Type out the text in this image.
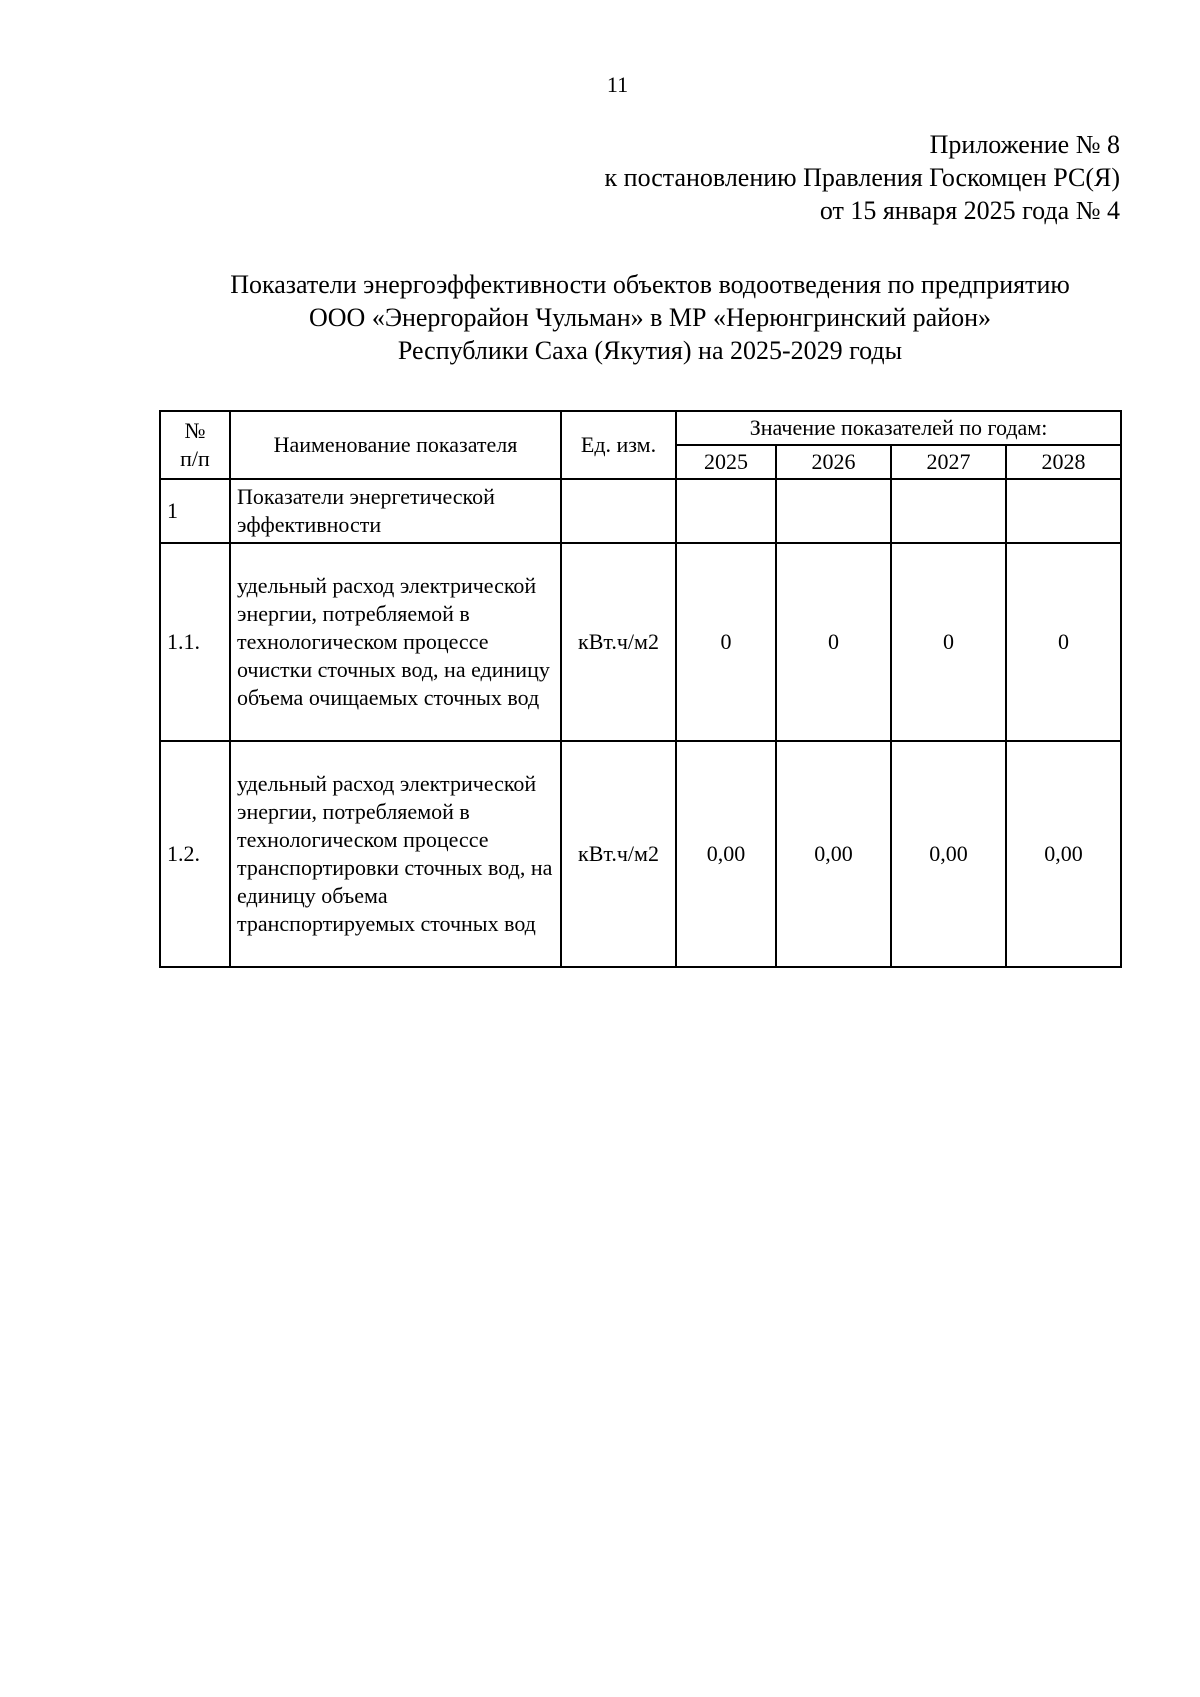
11
Приложение № 8
к постановлению Правления Госкомцен РС(Я)
от 15 января 2025 года № 4
Показатели энергоэффективности объектов водоотведения по предприятию
ООО «Энергорайон Чульман» в МР «Нерюнгринский район»
Республики Саха (Якутия) на 2025-2029 годы
№
п/п	Наименование показателя	Ед. изм.	Значение показателей по годам:			
			2025	2026	2027	2028
1	Показатели энергетической эффективности					
1.1.	удельный расход электрической энергии, потребляемой в технологическом процессе очистки сточных вод, на единицу объема очищаемых сточных вод	кВт.ч/м2	0	0	0	0
1.2.	удельный расход электрической энергии, потребляемой в технологическом процессе транспортировки сточных вод, на единицу объема транспортируемых сточных вод	кВт.ч/м2	0,00	0,00	0,00	0,00
